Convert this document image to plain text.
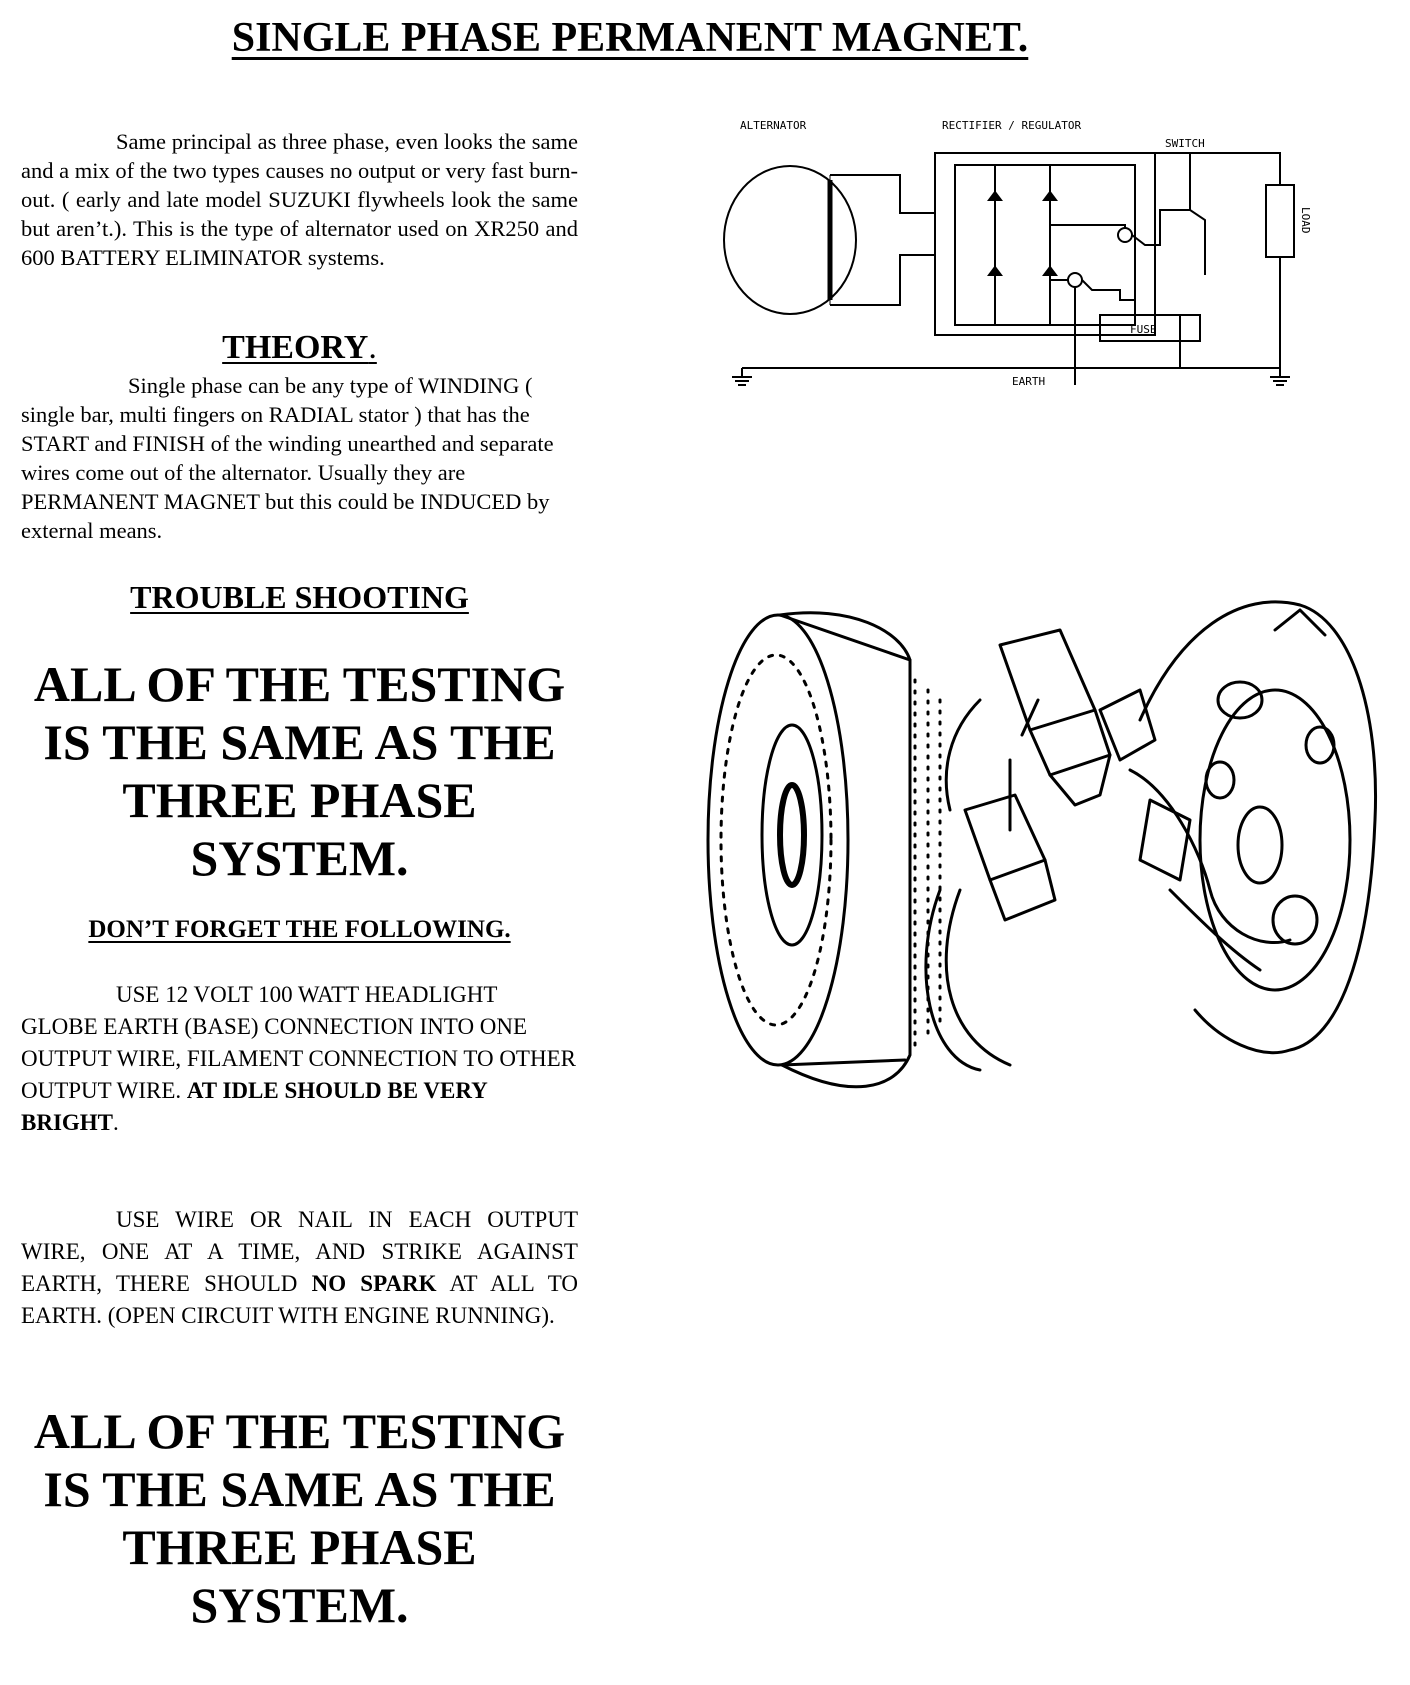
SINGLE PHASE PERMANENT MAGNET.

Same principal as three phase, even looks the same and a mix of the two types causes no output or very fast burn-out. ( early and late model SUZUKI flywheels look the same but aren’t.). This is the type of alternator used on XR250 and 600 BATTERY ELIMINATOR systems.

THEORY.

Single phase can be any type of WINDING ( single bar, multi fingers on RADIAL stator ) that has the START and FINISH of the winding unearthed and separate wires come out of the alternator. Usually they are PERMANENT MAGNET but this could be INDUCED by external means.

TROUBLE SHOOTING

ALL OF THE TESTING IS THE SAME AS THE THREE PHASE SYSTEM.

DON’T FORGET THE FOLLOWING.

USE 12 VOLT 100 WATT HEADLIGHT GLOBE EARTH (BASE) CONNECTION INTO ONE OUTPUT WIRE, FILAMENT CONNECTION TO OTHER OUTPUT WIRE. AT IDLE SHOULD BE VERY BRIGHT.

USE WIRE OR NAIL IN EACH OUTPUT WIRE, ONE AT A TIME, AND STRIKE AGAINST EARTH, THERE SHOULD NO SPARK AT ALL TO EARTH. (OPEN CIRCUIT WITH ENGINE RUNNING).

ALL OF THE TESTING IS THE SAME AS THE THREE PHASE SYSTEM.

ALTERNATOR	RECTIFIER / REGULATOR
SWITCH
FUSE
EARTH
LOAD
